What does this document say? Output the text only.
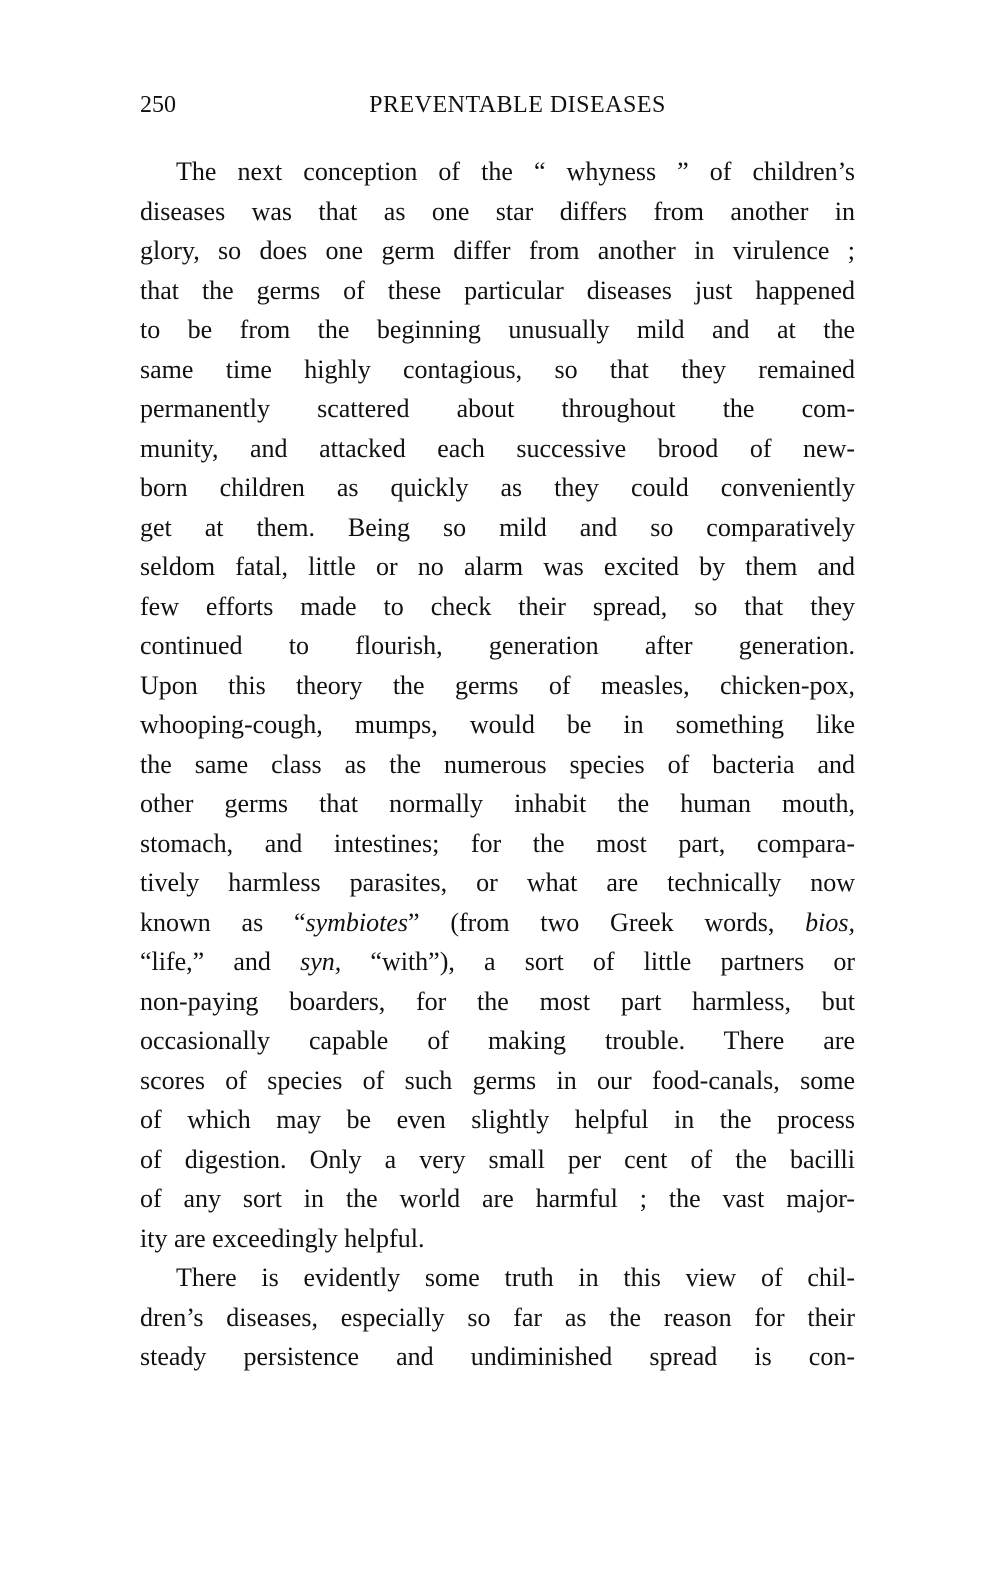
250	PREVENTABLE DISEASES
The next conception of the “ whyness ” of children’s
diseases was that as one star differs from another in
glory, so does one germ differ from another in virulence ;
that the germs of these particular diseases just happened
to be from the beginning unusually mild and at the
same time highly contagious, so that they remained
permanently scattered about throughout the com-
munity, and attacked each successive brood of new-
born children as quickly as they could conveniently
get at them. Being so mild and so comparatively
seldom fatal, little or no alarm was excited by them and
few efforts made to check their spread, so that they
continued to flourish, generation after generation.
Upon this theory the germs of measles, chicken-pox,
whooping-cough, mumps, would be in something like
the same class as the numerous species of bacteria and
other germs that normally inhabit the human mouth,
stomach, and intestines; for the most part, compara-
tively harmless parasites, or what are technically now
known as “symbiotes” (from two Greek words, bios,
“life,” and syn, “with”), a sort of little partners or
non-paying boarders, for the most part harmless, but
occasionally capable of making trouble. There are
scores of species of such germs in our food-canals, some
of which may be even slightly helpful in the process
of digestion. Only a very small per cent of the bacilli
of any sort in the world are harmful ; the vast major-
ity are exceedingly helpful.
There is evidently some truth in this view of chil-
dren’s diseases, especially so far as the reason for their
steady persistence and undiminished spread is con-
